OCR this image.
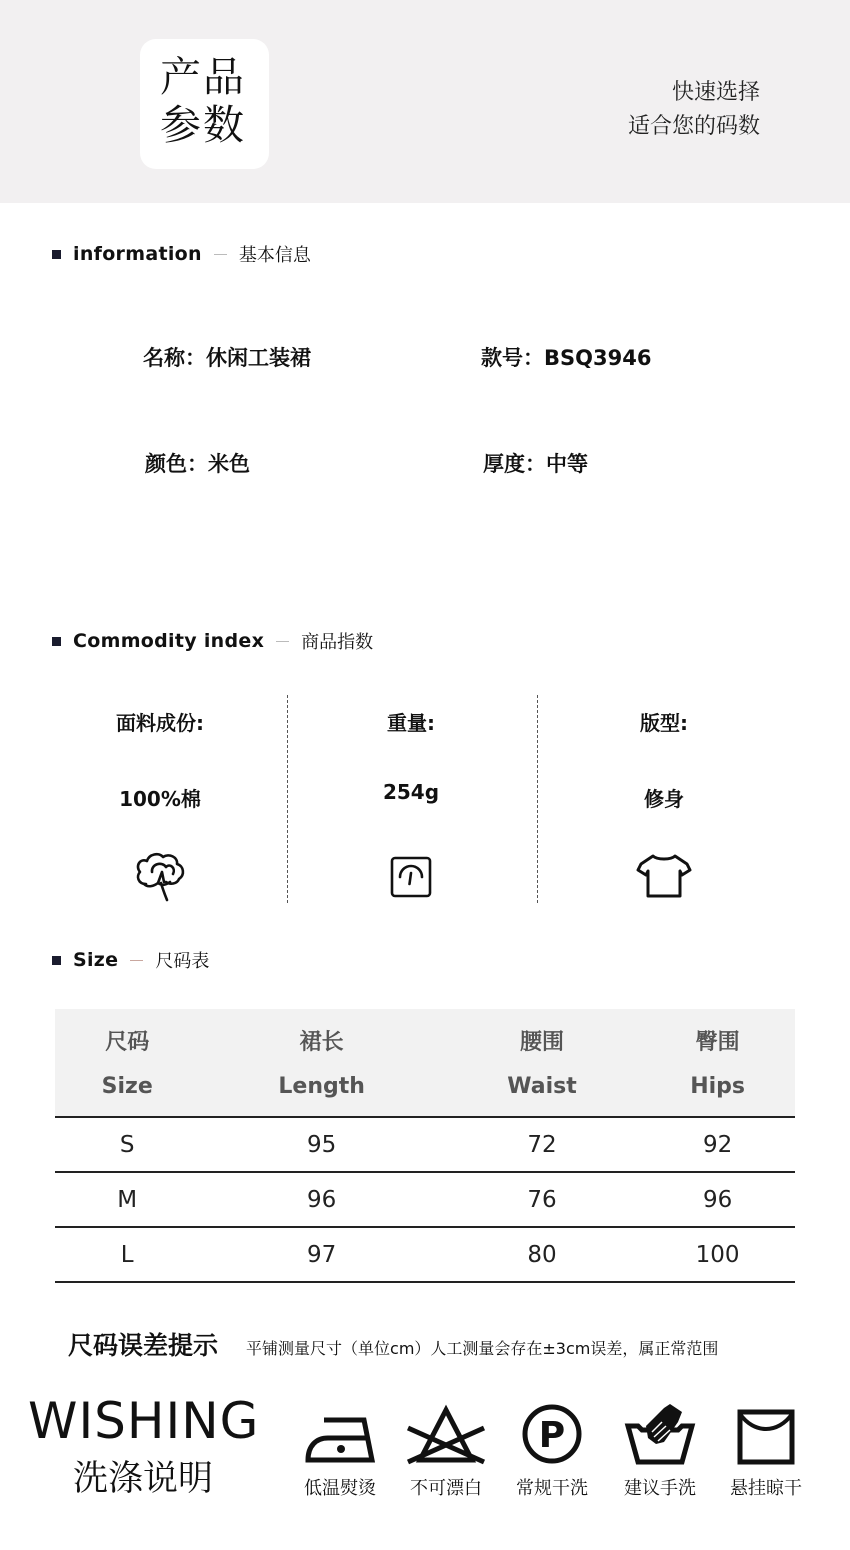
产品
参数
快速选择
适合您的码数
information 基本信息
名称：休闲工装裙	款号：BSQ3946
颜色：米色	厚度：中等
Commodity index 商品指数
面料成份:
100%棉
重量:
254g
版型:
修身
Size 尺码表
尺码	裙长	腰围	臀围
Size	Length	Waist	Hips
S	95	72	92
M	96	76	96
L	97	80	100
尺码误差提示 平铺测量尺寸（单位cm）人工测量会存在±3cm误差，属正常范围
WISHING
洗涤说明	低温熨烫	不可漂白
P
常规干洗	建议手洗	悬挂晾干
